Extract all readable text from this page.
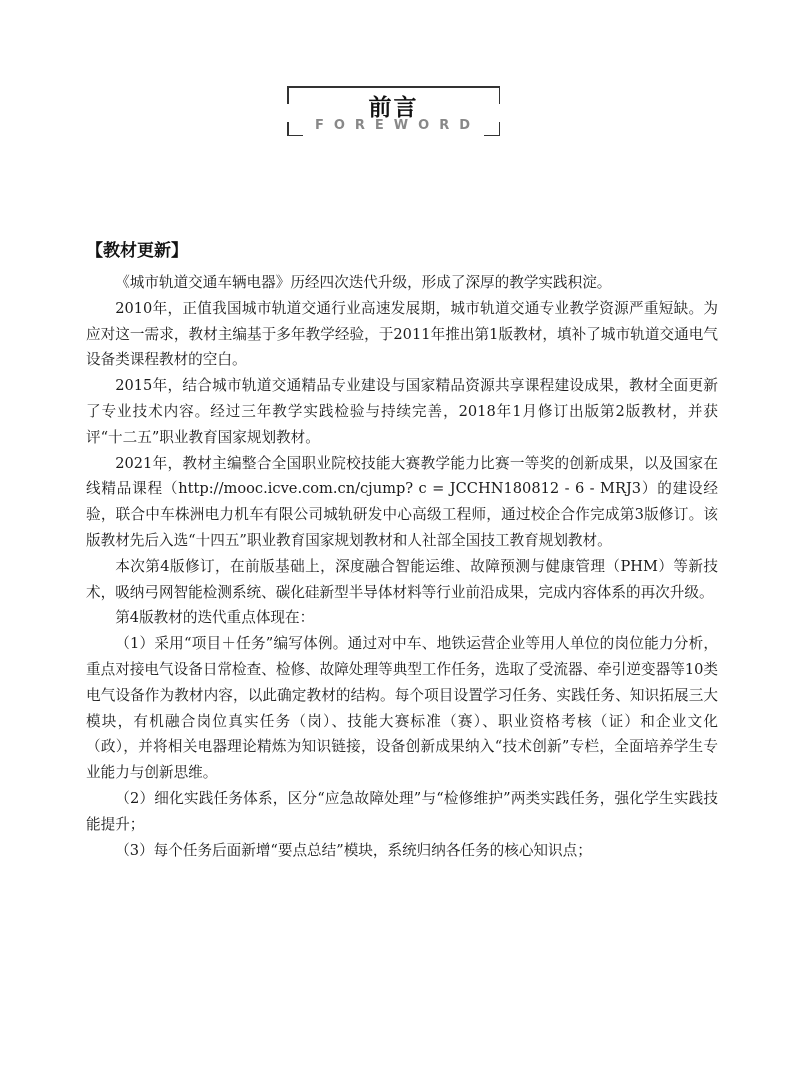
前言
FOREWORD
【教材更新】

《城市轨道交通车辆电器》历经四次迭代升级，形成了深厚的教学实践积淀。

2010年，正值我国城市轨道交通行业高速发展期，城市轨道交通专业教学资源严重短缺。为应对这一需求，教材主编基于多年教学经验，于2011年推出第1版教材，填补了城市轨道交通电气设备类课程教材的空白。

2015年，结合城市轨道交通精品专业建设与国家精品资源共享课程建设成果，教材全面更新了专业技术内容。经过三年教学实践检验与持续完善，2018年1月修订出版第2版教材，并获评“十二五”职业教育国家规划教材。

2021年，教材主编整合全国职业院校技能大赛教学能力比赛一等奖的创新成果，以及国家在线精品课程（http://mooc.icve.com.cn/cjump? c = JCCHN180812 - 6 - MRJ3）的建设经验，联合中车株洲电力机车有限公司城轨研发中心高级工程师，通过校企合作完成第3版修订。该版教材先后入选“十四五”职业教育国家规划教材和人社部全国技工教育规划教材。

本次第4版修订，在前版基础上，深度融合智能运维、故障预测与健康管理（PHM）等新技术，吸纳弓网智能检测系统、碳化硅新型半导体材料等行业前沿成果，完成内容体系的再次升级。

第4版教材的迭代重点体现在：

（1）采用“项目＋任务”编写体例。通过对中车、地铁运营企业等用人单位的岗位能力分析，重点对接电气设备日常检查、检修、故障处理等典型工作任务，选取了受流器、牵引逆变器等10类电气设备作为教材内容，以此确定教材的结构。每个项目设置学习任务、实践任务、知识拓展三大模块，有机融合岗位真实任务（岗）、技能大赛标准（赛）、职业资格考核（证）和企业文化（政），并将相关电器理论精炼为知识链接，设备创新成果纳入“技术创新”专栏，全面培养学生专业能力与创新思维。

（2）细化实践任务体系，区分“应急故障处理”与“检修维护”两类实践任务，强化学生实践技能提升；

（3）每个任务后面新增“要点总结”模块，系统归纳各任务的核心知识点；
